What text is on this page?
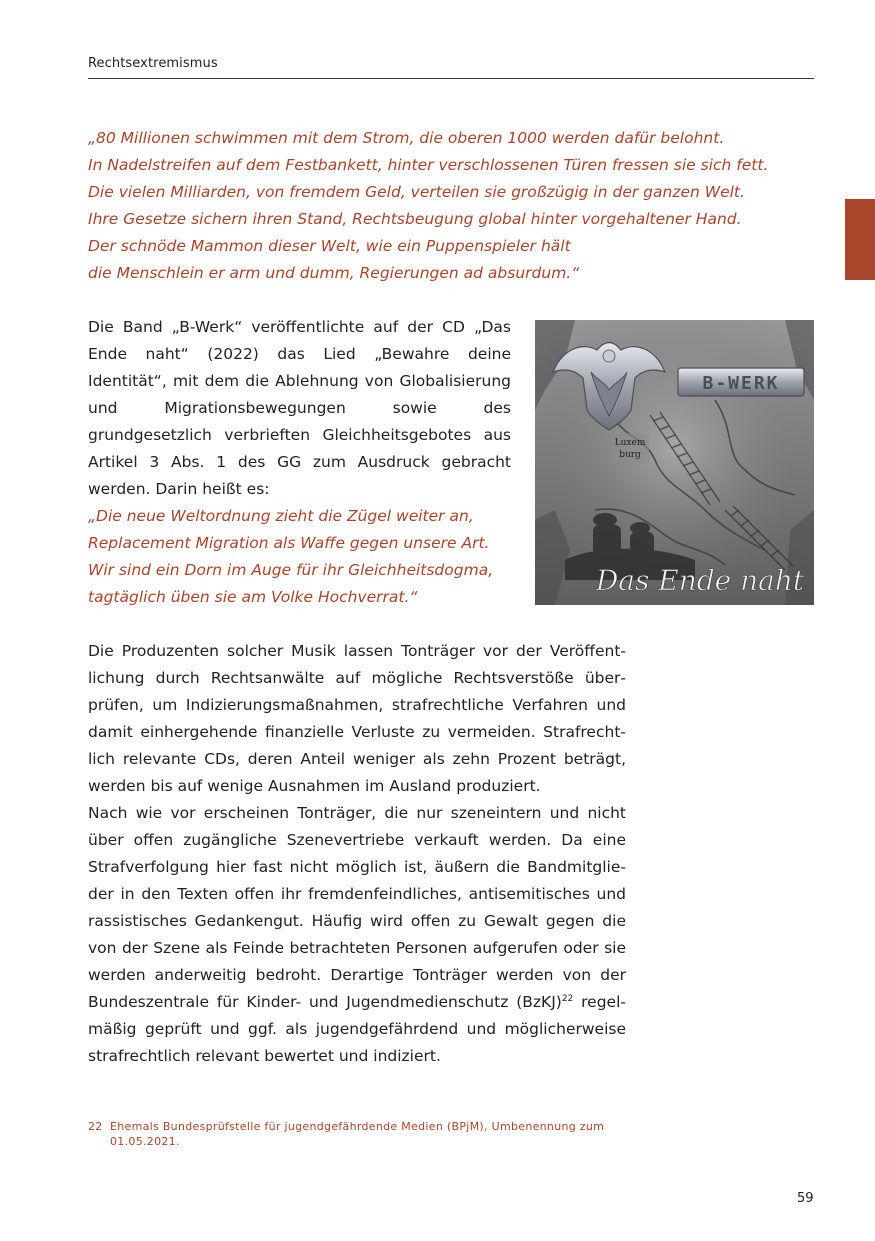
Rechtsextremismus

„80 Millionen schwimmen mit dem Strom, die oberen 1000 werden dafür belohnt.
In Nadelstreifen auf dem Festbankett, hinter verschlossenen Türen fressen sie sich fett.
Die vielen Milliarden, von fremdem Geld, verteilen sie großzügig in der ganzen Welt.
Ihre Gesetze sichern ihren Stand, Rechtsbeugung global hinter vorgehaltener Hand.
Der schnöde Mammon dieser Welt, wie ein Puppenspieler hält
die Menschlein er arm und dumm, Regierungen ad absurdum.“

Die Band „B-Werk“ veröffentlichte auf der CD „Das Ende naht“ (2022) das Lied „Bewahre deine Identität“, mit dem die Ablehnung von Globalisierung und Migrationsbewegungen sowie des grundgesetzlich verbrieften Gleichheitsgebotes aus Artikel 3 Abs. 1 des GG zum Ausdruck gebracht werden. Darin heißt es:

B-WERK
Luxem
burg
Das Ende naht

„Die neue Weltordnung zieht die Zügel weiter an,
Replacement Migration als Waffe gegen unsere Art.
Wir sind ein Dorn im Auge für ihr Gleichheitsdogma,
tagtäglich üben sie am Volke Hochverrat.“

Die Produzenten solcher Musik lassen Tonträger vor der Veröffentlichung durch Rechtsanwälte auf mögliche Rechtsverstöße überprüfen, um Indizierungsmaßnahmen, strafrechtliche Verfahren und damit einhergehende finanzielle Verluste zu vermeiden. Strafrechtlich relevante CDs, deren Anteil weniger als zehn Prozent beträgt, werden bis auf wenige Ausnahmen im Ausland produziert.
Nach wie vor erscheinen Tonträger, die nur szeneintern und nicht über offen zugängliche Szenevertriebe verkauft werden. Da eine Strafverfolgung hier fast nicht möglich ist, äußern die Bandmitglieder in den Texten offen ihr fremdenfeindliches, antisemitisches und rassistisches Gedankengut. Häufig wird offen zu Gewalt gegen die von der Szene als Feinde betrachteten Personen aufgerufen oder sie werden anderweitig bedroht. Derartige Tonträger werden von der Bundeszentrale für Kinder- und Jugendmedienschutz (BzKJ)$^{22}$ regelmäßig geprüft und ggf. als jugendgefährdend und möglicherweise strafrechtlich relevant bewertet und indiziert.
22 Ehemals Bundesprüfstelle für jugendgefährdende Medien (BPjM), Umbenennung zum 01.05.2021.
59
